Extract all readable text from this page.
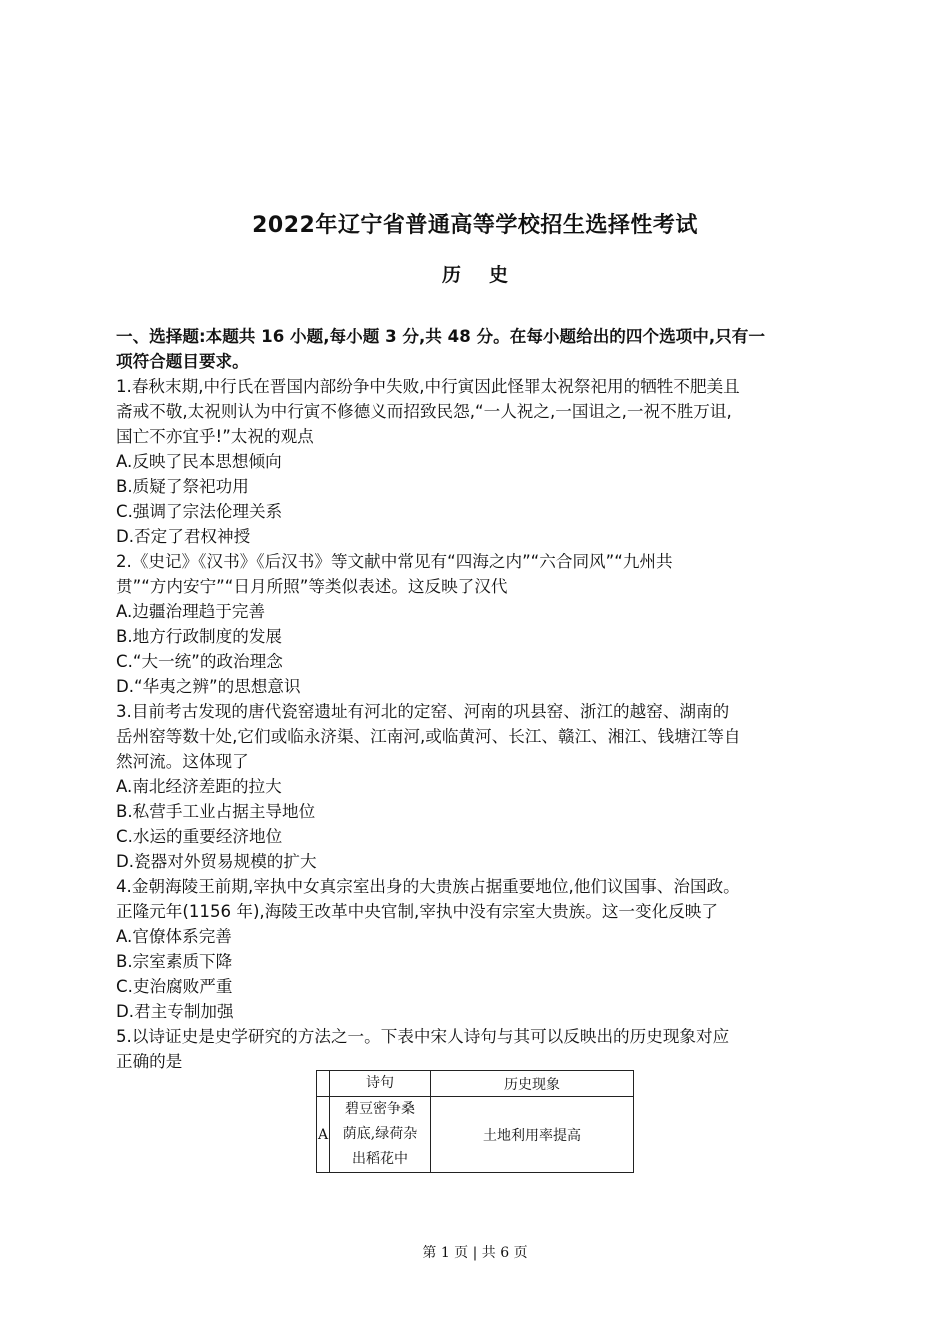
2022年辽宁省普通高等学校招生选择性考试
历 史
一、选择题:本题共 16 小题,每小题 3 分,共 48 分。在每小题给出的四个选项中,只有一
项符合题目要求。
1.春秋末期,中行氏在晋国内部纷争中失败,中行寅因此怪罪太祝祭祀用的牺牲不肥美且
斋戒不敬,太祝则认为中行寅不修德义而招致民怨,“一人祝之,一国诅之,一祝不胜万诅,
国亡不亦宜乎!”太祝的观点
A.反映了民本思想倾向
B.质疑了祭祀功用
C.强调了宗法伦理关系
D.否定了君权神授
2.《史记》《汉书》《后汉书》等文献中常见有“四海之内”“六合同风”“九州共
贯”“方内安宁”“日月所照”等类似表述。这反映了汉代
A.边疆治理趋于完善
B.地方行政制度的发展
C.“大一统”的政治理念
D.“华夷之辨”的思想意识
3.目前考古发现的唐代瓷窑遗址有河北的定窑、河南的巩县窑、浙江的越窑、湖南的
岳州窑等数十处,它们或临永济渠、江南河,或临黄河、长江、赣江、湘江、钱塘江等自
然河流。这体现了
A.南北经济差距的拉大
B.私营手工业占据主导地位
C.水运的重要经济地位
D.瓷器对外贸易规模的扩大
4.金朝海陵王前期,宰执中女真宗室出身的大贵族占据重要地位,他们议国事、治国政。
正隆元年(1156 年),海陵王改革中央官制,宰执中没有宗室大贵族。这一变化反映了
A.官僚体系完善
B.宗室素质下降
C.吏治腐败严重
D.君主专制加强
5.以诗证史是史学研究的方法之一。下表中宋人诗句与其可以反映出的历史现象对应
正确的是
	诗句	历史现象
A	碧豆密争桑
荫底,绿荷杂
出稻花中	土地利用率提高
第 1 页 | 共 6 页
